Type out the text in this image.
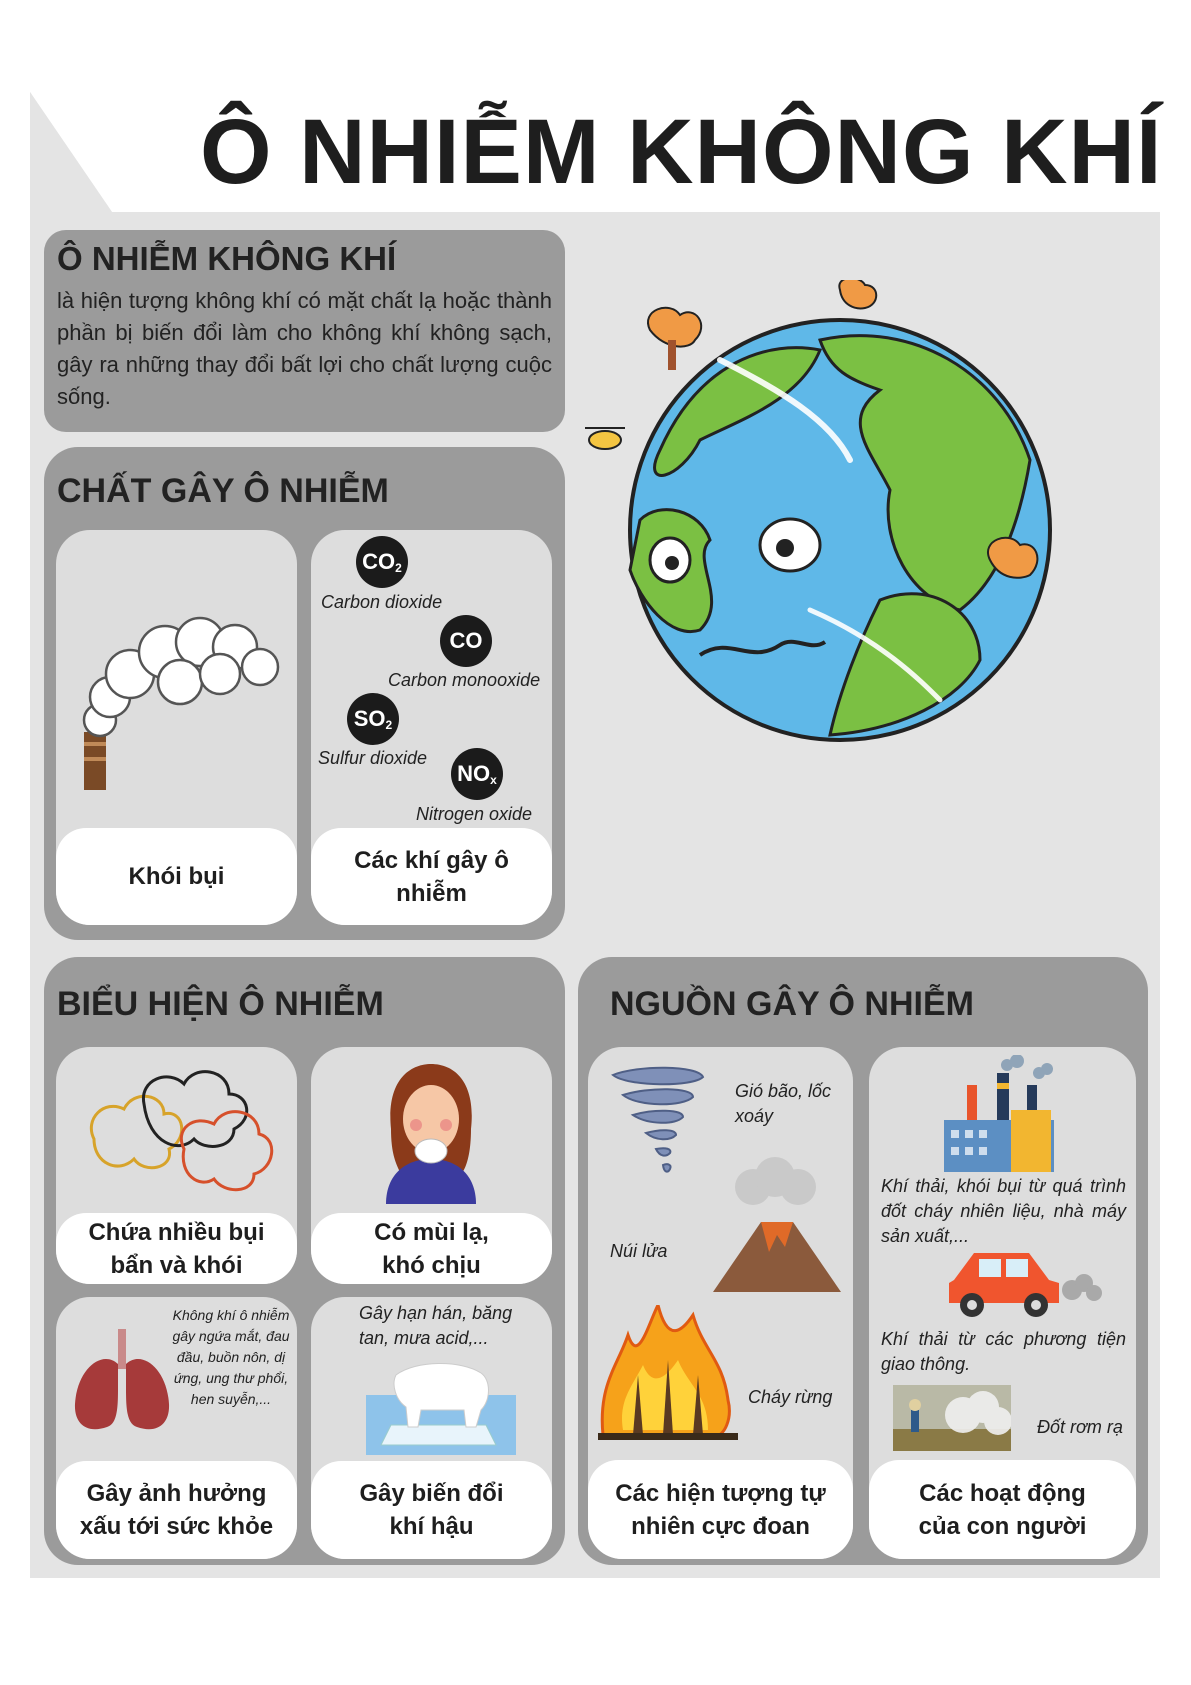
Ô NHIỄM KHÔNG KHÍ
Ô NHIỄM KHÔNG KHÍ
là hiện tượng không khí có mặt chất lạ hoặc thành phần bị biến đổi làm cho không khí không sạch, gây ra những thay đổi bất lợi cho chất lượng cuộc sống.
CHẤT GÂY Ô NHIỄM
Khói bụi
$CO_2$
Carbon dioxide
CO
Carbon monooxide
$SO_2$
Sulfur dioxide
$NO_x$
Nitrogen oxide
Các khí gây ô nhiễm
BIỂU HIỆN Ô NHIỄM
Chứa nhiều bụi bẩn và khói
Có mùi lạ, khó chịu
Không khí ô nhiễm gây ngứa mắt, đau đầu, buồn nôn, dị ứng, ung thư phổi, hen suyễn,...
Gây ảnh hưởng xấu tới sức khỏe
Gây hạn hán, băng tan, mưa acid,...
Gây biến đổi khí hậu
NGUỒN GÂY Ô NHIỄM
Gió bão, lốc xoáy
Núi lửa
Cháy rừng
Các hiện tượng tự nhiên cực đoan
Khí thải, khói bụi từ quá trình đốt cháy nhiên liệu, nhà máy sản xuất,...
Khí thải từ các phương tiện giao thông.
Đốt rơm rạ
Các hoạt động của con người
